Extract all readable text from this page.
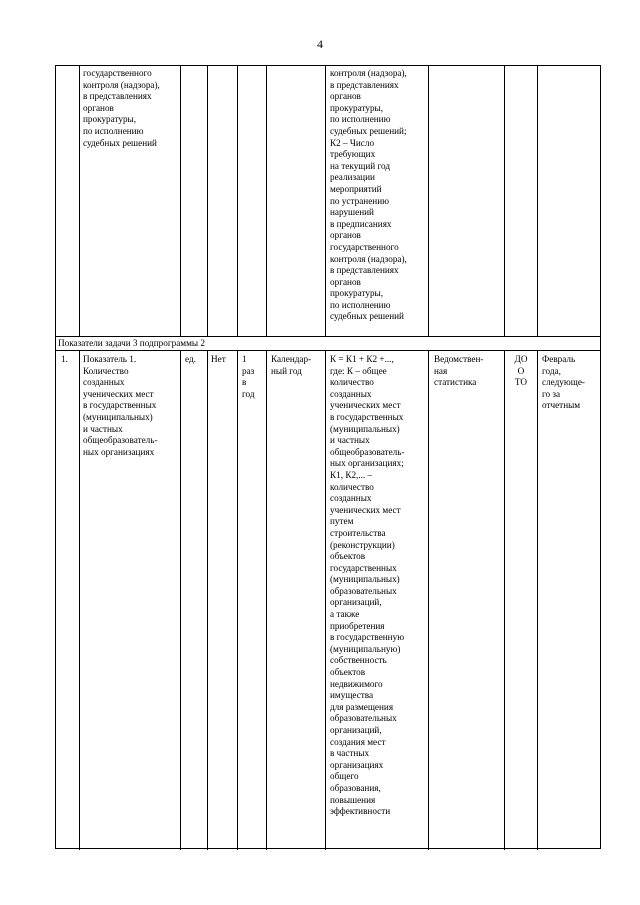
4
государственного
контроля (надзора),
в представлениях
органов
прокуратуры,
по исполнению
судебных решений
контроля (надзора),
в представлениях
органов
прокуратуры,
по исполнению
судебных решений;
К2 – Число
требующих
на текущий год
реализации
мероприятий
по устранению
нарушений
в предписаниях
органов
государственного
контроля (надзора),
в представлениях
органов
прокуратуры,
по исполнению
судебных решений
Показатели задачи 3 подпрограммы 2
1. Показатель 1.
Количество
созданных
ученических мест
в государственных
(муниципальных)
и частных
общеобразователь-
ных организациях
ед. Нет 1
раз
в
год
Календар-
ный год
К = К1 + К2 +...,
где: К – общее
количество
созданных
ученических мест
в государственных
(муниципальных)
и частных
общеобразователь-
ных организациях;
К1, К2,... –
количество
созданных
ученических мест
путем
строительства
(реконструкции)
объектов
государственных
(муниципальных)
образовательных
организаций,
а также
приобретения
в государственную
(муниципальную)
собственность
объектов
недвижимого
имущества
для размещения
образовательных
организаций,
создания мест
в частных
организациях
общего
образования,
повышения
эффективности
Ведомствен-
ная
статистика
ДО
О
ТО
Февраль
года,
следующе-
го за
отчетным
